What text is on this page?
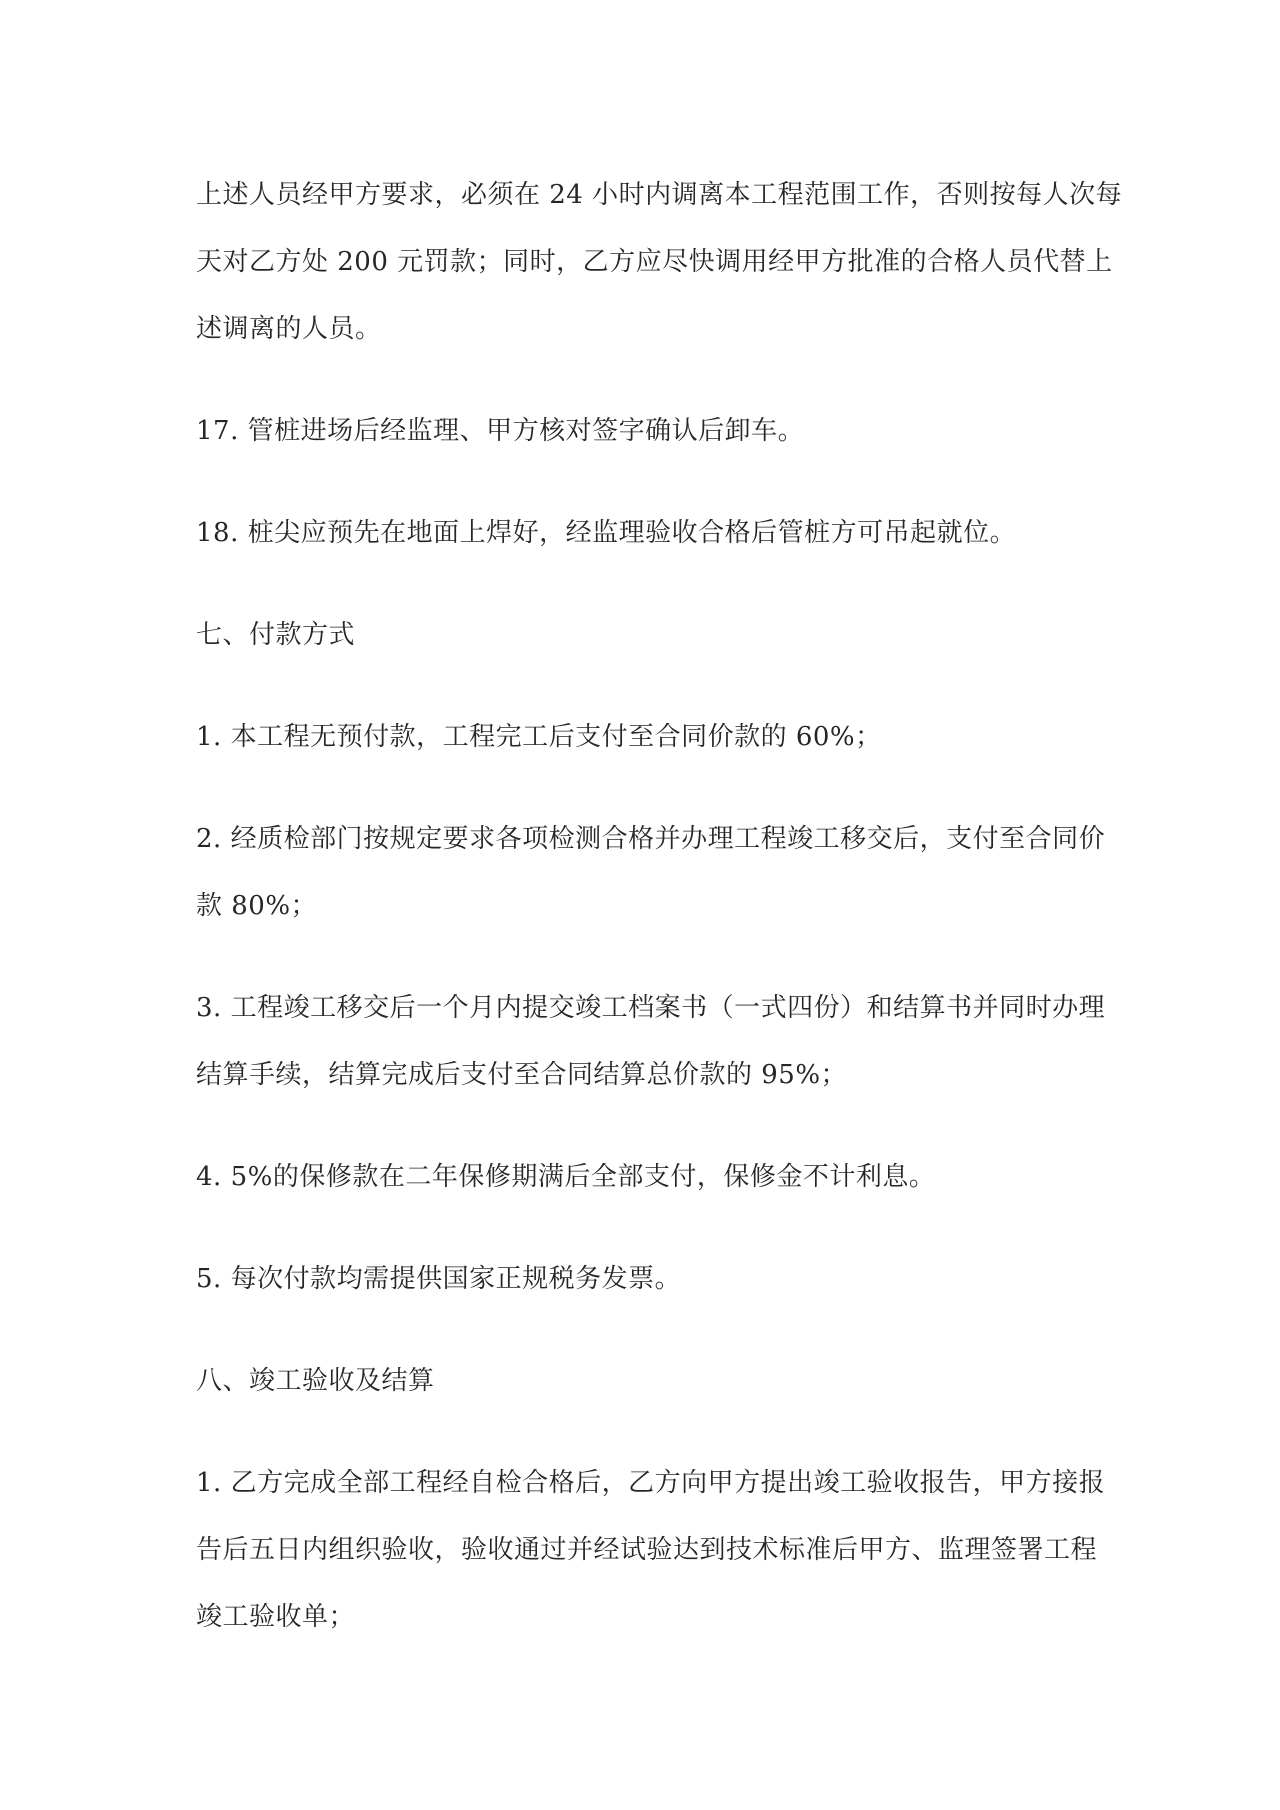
上述人员经甲方要求，必须在 24 小时内调离本工程范围工作，否则按每人次每
天对乙方处 200 元罚款；同时，乙方应尽快调用经甲方批准的合格人员代替上
述调离的人员。

17. 管桩进场后经监理、甲方核对签字确认后卸车。

18. 桩尖应预先在地面上焊好，经监理验收合格后管桩方可吊起就位。

七、付款方式

1. 本工程无预付款，工程完工后支付至合同价款的 60%；

2. 经质检部门按规定要求各项检测合格并办理工程竣工移交后，支付至合同价
款 80%；

3. 工程竣工移交后一个月内提交竣工档案书（一式四份）和结算书并同时办理
结算手续，结算完成后支付至合同结算总价款的 95%；

4. 5%的保修款在二年保修期满后全部支付，保修金不计利息。

5. 每次付款均需提供国家正规税务发票。

八、竣工验收及结算

1. 乙方完成全部工程经自检合格后，乙方向甲方提出竣工验收报告，甲方接报
告后五日内组织验收，验收通过并经试验达到技术标准后甲方、监理签署工程
竣工验收单；
